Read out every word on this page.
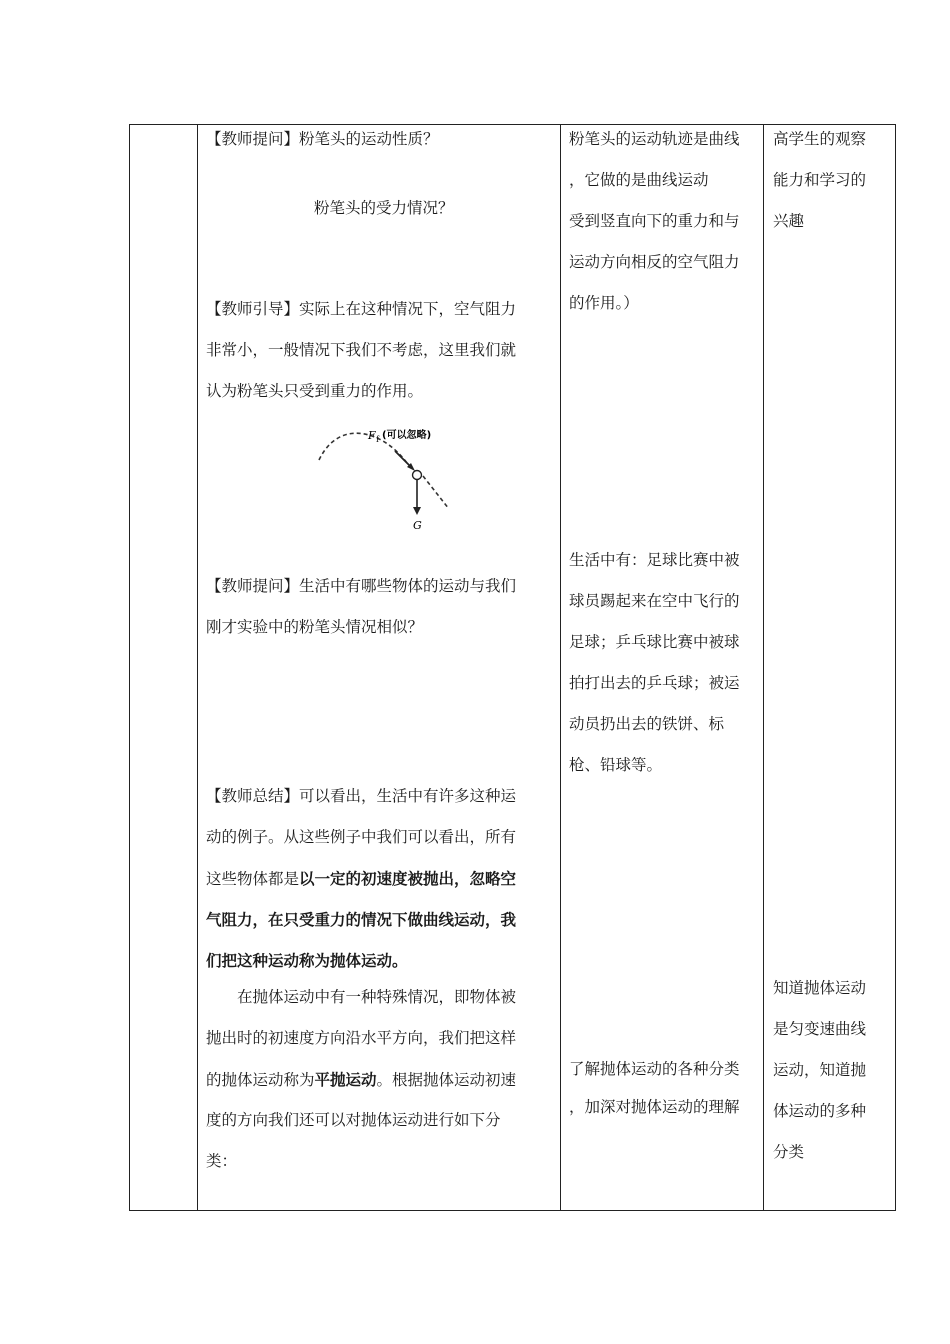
【教师提问】粉笔头的运动性质？
粉笔头的受力情况？
【教师引导】实际上在这种情况下，空气阻力
非常小，一般情况下我们不考虑，这里我们就
认为粉笔头只受到重力的作用。
F f (可以忽略)
G
【教师提问】生活中有哪些物体的运动与我们
刚才实验中的粉笔头情况相似？
【教师总结】可以看出，生活中有许多这种运
动的例子。从这些例子中我们可以看出，所有
这些物体都是以一定的初速度被抛出，忽略空
气阻力，在只受重力的情况下做曲线运动，我
们把这种运动称为抛体运动。
在抛体运动中有一种特殊情况，即物体被
抛出时的初速度方向沿水平方向，我们把这样
的抛体运动称为平抛运动。根据抛体运动初速
度的方向我们还可以对抛体运动进行如下分
类：
粉笔头的运动轨迹是曲线
，它做的是曲线运动
受到竖直向下的重力和与
运动方向相反的空气阻力
的作用。）
生活中有：足球比赛中被
球员踢起来在空中飞行的
足球；乒乓球比赛中被球
拍打出去的乒乓球；被运
动员扔出去的铁饼、标
枪、铅球等。
了解抛体运动的各种分类
，加深对抛体运动的理解
高学生的观察
能力和学习的
兴趣
知道抛体运动
是匀变速曲线
运动，知道抛
体运动的多种
分类
